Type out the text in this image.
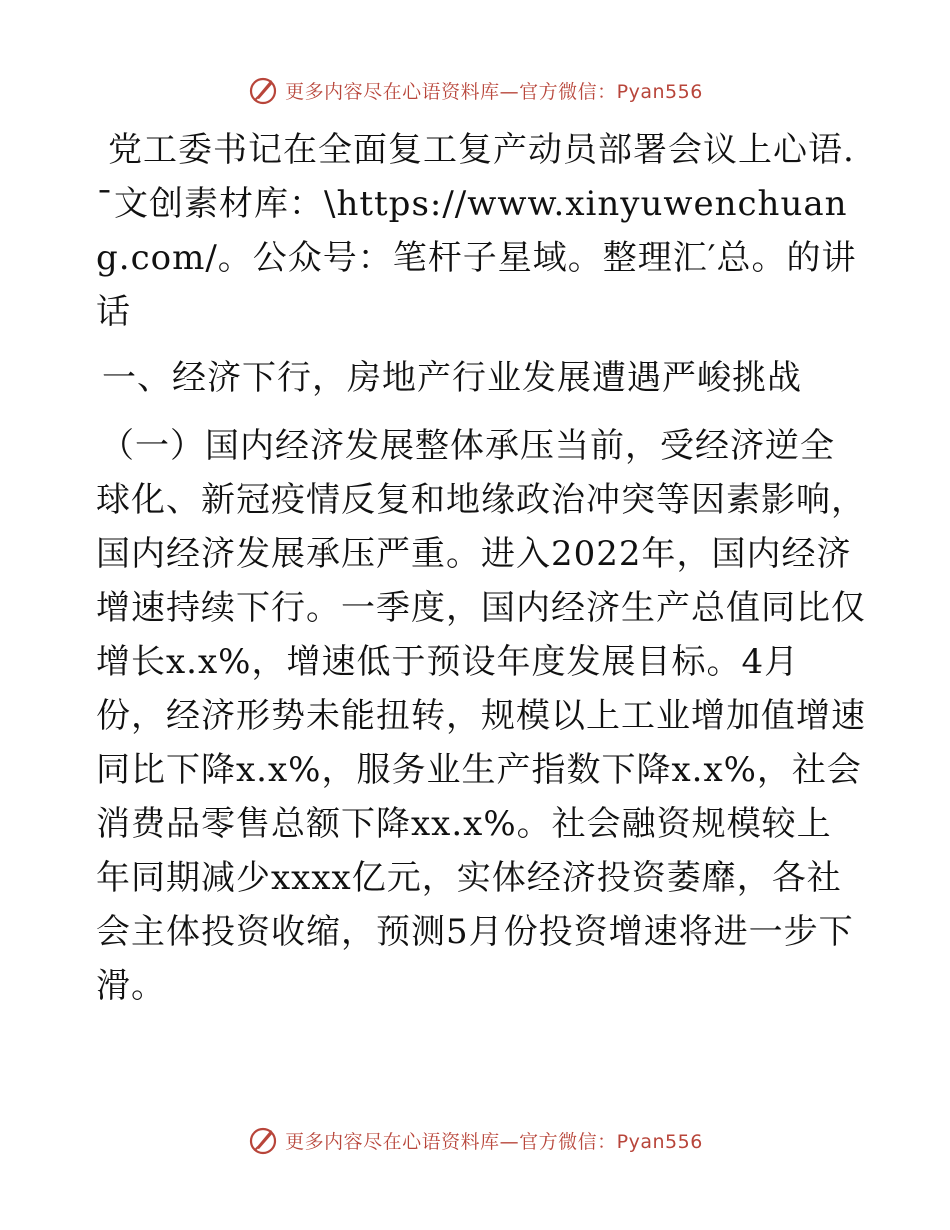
更多内容尽在心语资料库—官方微信：Pyan556

党工委书记在全面复工复产动员部署会议上心语.¯文创素材库：\https://www.xinyuwenchuang.com/。公众号：笔杆子星域。整理汇′总。的讲话

一、经济下行，房地产行业发展遭遇严峻挑战

（一）国内经济发展整体承压当前，受经济逆全球化、新冠疫情反复和地缘政治冲突等因素影响，国内经济发展承压严重。进入2022年，国内经济增速持续下行。一季度，国内经济生产总值同比仅增长x.x%，增速低于预设年度发展目标。4月份，经济形势未能扭转，规模以上工业增加值增速同比下降x.x%，服务业生产指数下降x.x%，社会消费品零售总额下降xx.x%。社会融资规模较上年同期减少xxxx亿元，实体经济投资萎靡，各社会主体投资收缩，预测5月份投资增速将进一步下滑。

更多内容尽在心语资料库—官方微信：Pyan556
